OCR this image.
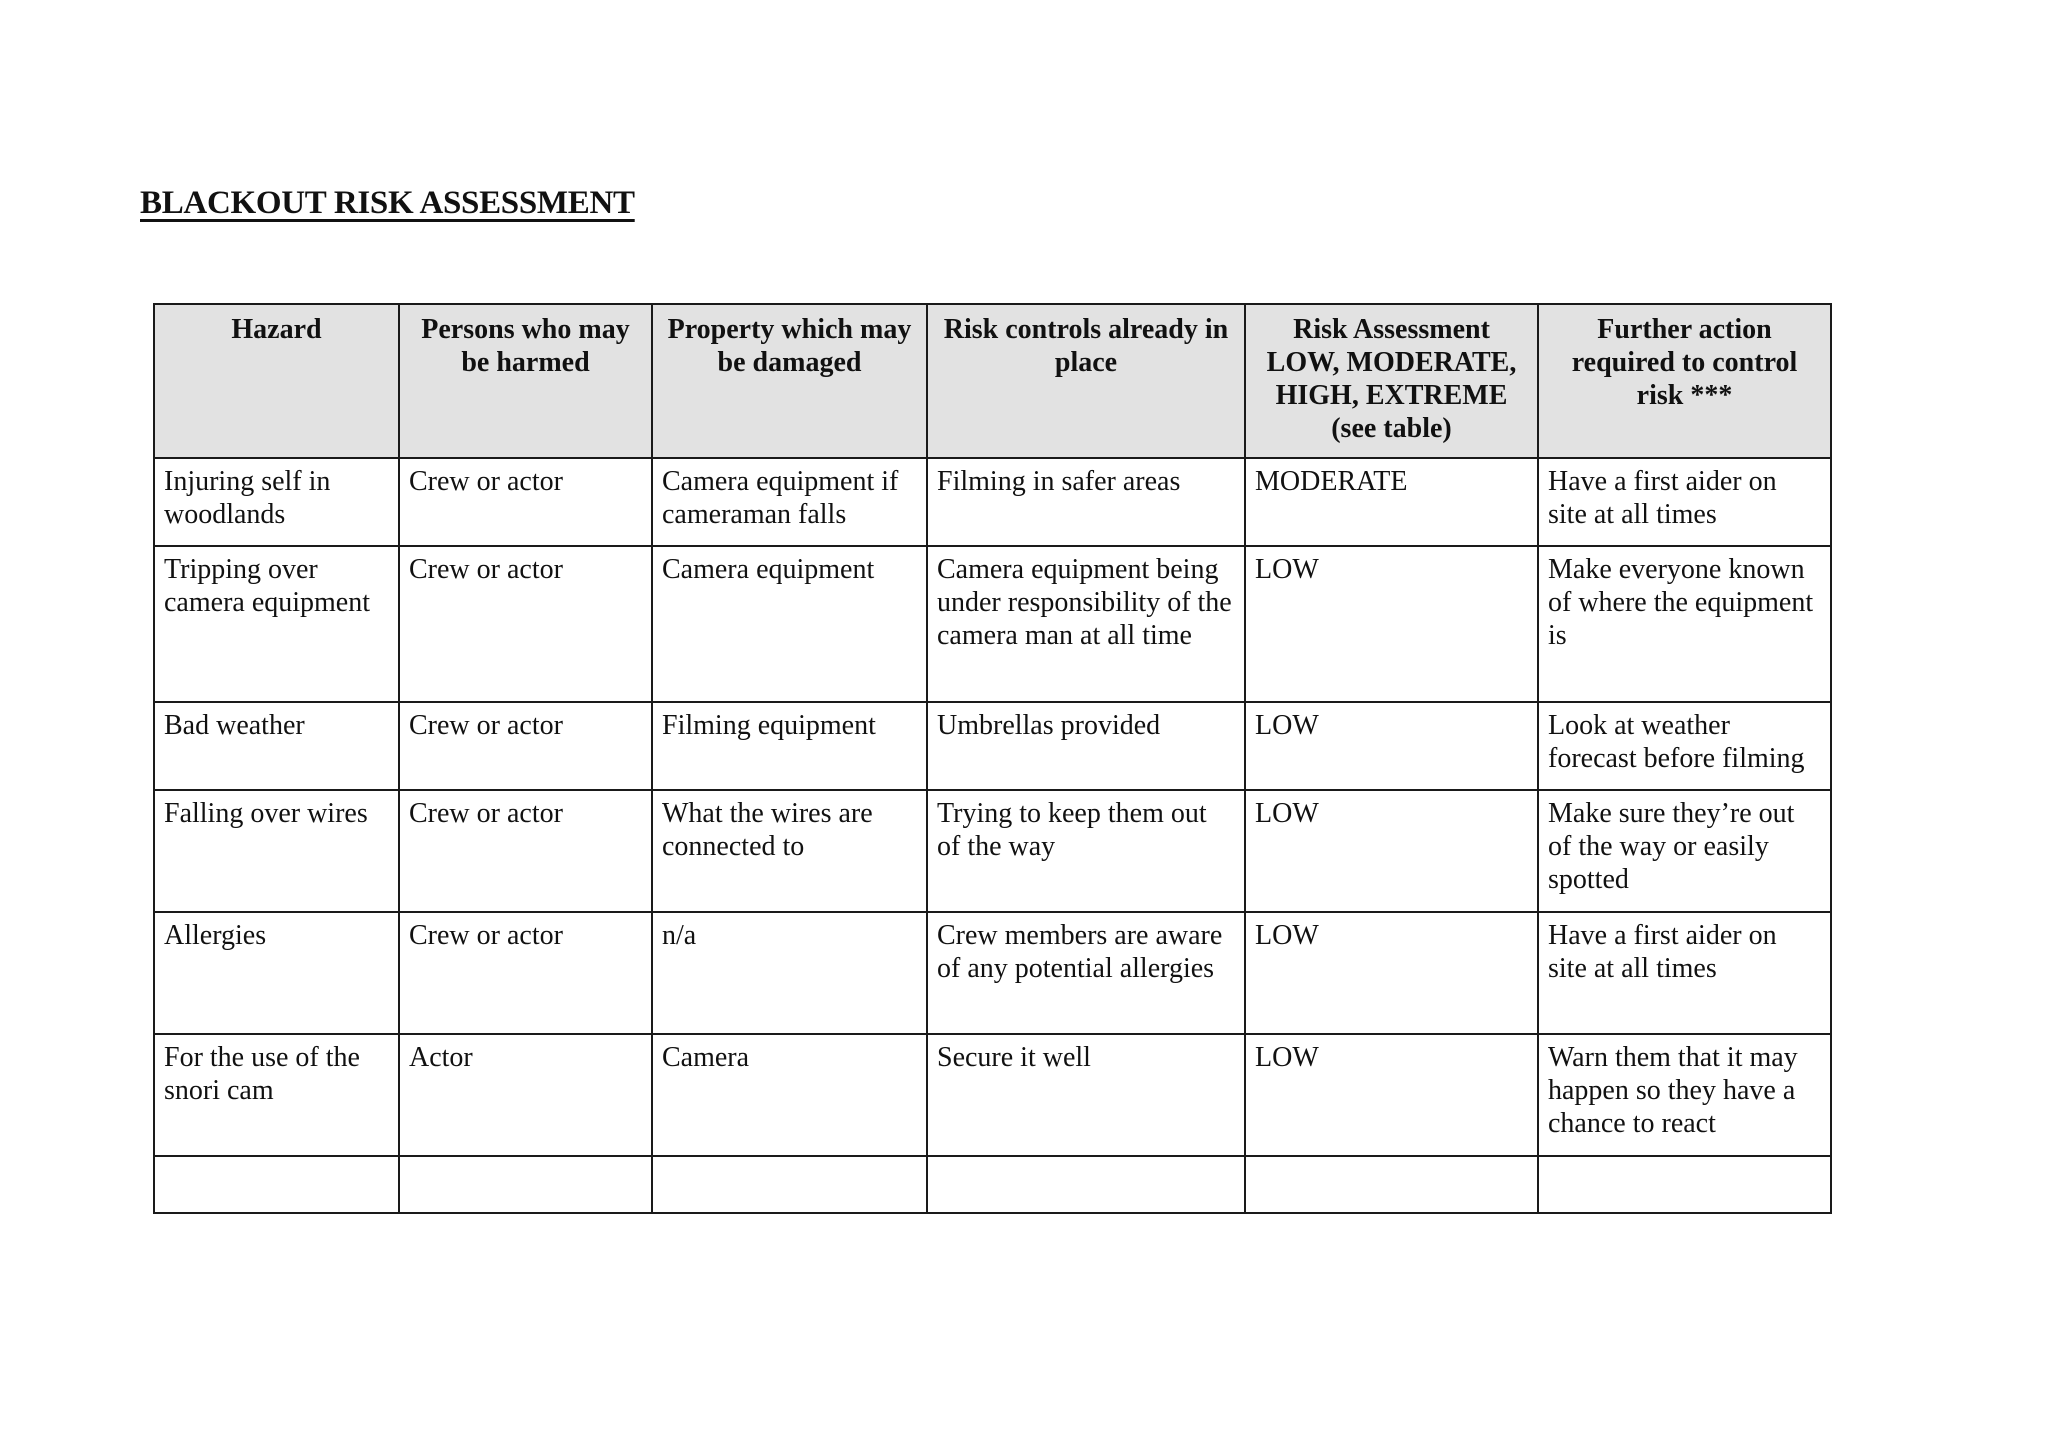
BLACKOUT RISK ASSESSMENT
Hazard	Persons who may be harmed	Property which may be damaged	Risk controls already in place	Risk Assessment LOW, MODERATE, HIGH, EXTREME (see table)	Further action required to control risk ***
Injuring self in woodlands	Crew or actor	Camera equipment if cameraman falls	Filming in safer areas	MODERATE	Have a first aider on site at all times
Tripping over camera equipment	Crew or actor	Camera equipment	Camera equipment being under responsibility of the camera man at all time	LOW	Make everyone known of where the equipment is
Bad weather	Crew or actor	Filming equipment	Umbrellas provided	LOW	Look at weather forecast before filming
Falling over wires	Crew or actor	What the wires are connected to	Trying to keep them out of the way	LOW	Make sure they’re out of the way or easily spotted
Allergies	Crew or actor	n/a	Crew members are aware of any potential allergies	LOW	Have a first aider on site at all times
For the use of the snori cam	Actor	Camera	Secure it well	LOW	Warn them that it may happen so they have a chance to react
